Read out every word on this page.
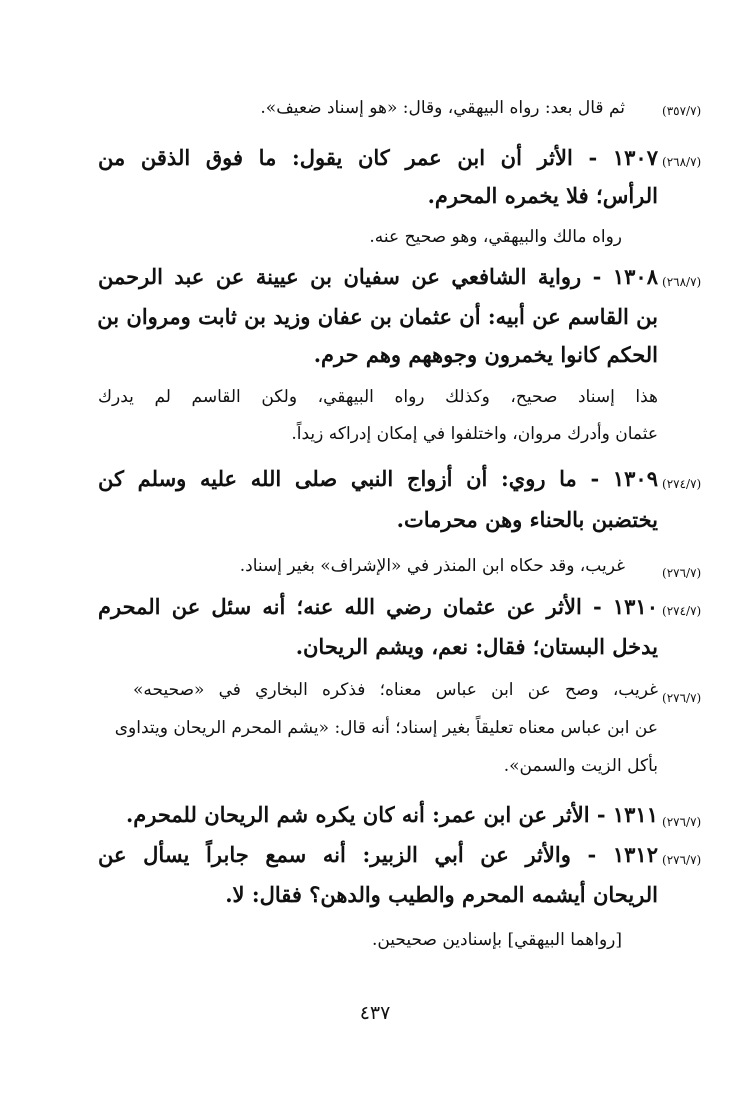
(٣٥٧/٧)
ثم قال بعد: رواه البيهقي، وقال: «هو إسناد ضعيف».
(٢٦٨/٧)
١٣٠٧ - الأثر أن ابن عمر كان يقول: ما فوق الذقن من
الرأس؛ فلا يخمره المحرم.
رواه مالك والبيهقي، وهو صحيح عنه.
(٢٦٨/٧)
١٣٠٨ - رواية الشافعي عن سفيان بن عيينة عن عبد الرحمن
بن القاسم عن أبيه: أن عثمان بن عفان وزيد بن ثابت ومروان بن
الحكم كانوا يخمرون وجوههم وهم حرم.
هذا إسناد صحيح، وكذلك رواه البيهقي، ولكن القاسم لم يدرك
عثمان وأدرك مروان، واختلفوا في إمكان إدراكه زيداً.
(٢٧٤/٧)
١٣٠٩ - ما روي: أن أزواج النبي صلى الله عليه وسلم كن
يختضبن بالحناء وهن محرمات.
(٢٧٦/٧)
غريب، وقد حكاه ابن المنذر في «الإشراف» بغير إسناد.
(٢٧٤/٧)
١٣١٠ - الأثر عن عثمان رضي الله عنه؛ أنه سئل عن المحرم
يدخل البستان؛ فقال: نعم، ويشم الريحان.
(٢٧٦/٧)
غريب، وصح عن ابن عباس معناه؛ فذكره البخاري في «صحيحه»
عن ابن عباس معناه تعليقاً بغير إسناد؛ أنه قال: «يشم المحرم الريحان ويتداوى
بأكل الزيت والسمن».
(٢٧٦/٧)
١٣١١ - الأثر عن ابن عمر: أنه كان يكره شم الريحان للمحرم.
(٢٧٦/٧)
١٣١٢ - والأثر عن أبي الزبير: أنه سمع جابراً يسأل عن
الريحان أيشمه المحرم والطيب والدهن؟ فقال: لا.
[رواهما البيهقي] بإسنادين صحيحين.
٤٣٧
